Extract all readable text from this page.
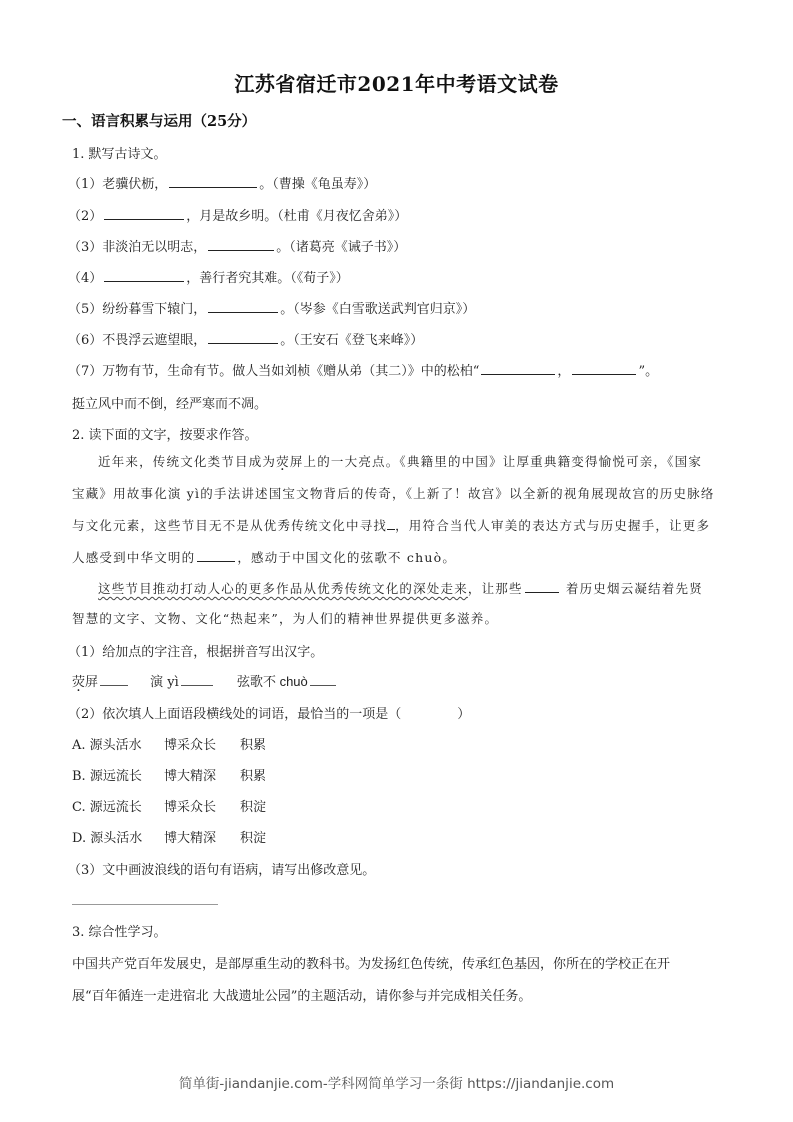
江苏省宿迁市2021年中考语文试卷
一、语言积累与运用（25分）
1. 默写古诗文。
（1）老骥伏枥，	。（曹操《龟虽寿》）
（2）	，月是故乡明。（杜甫《月夜忆舍弟》）
（3）非淡泊无以明志，	。（诸葛亮《诫子书》）
（4）	，善行者究其难。（《荀子》）
（5）纷纷暮雪下辕门，	。（岑参《白雪歌送武判官归京》）
（6）不畏浮云遮望眼，	。（王安石《登飞来峰》）
（7）万物有节，生命有节。做人当如刘桢《赠从弟（其二）》中的松柏“	，	”。
挺立风中而不倒，经严寒而不凋。
2. 读下面的文字，按要求作答。
近年来，传统文化类节目成为荧屏上的一大亮点。《典籍里的中国》让厚重典籍变得愉悦可亲，《国家
宝藏》用故事化演 yì的手法讲述国宝文物背后的传奇，《上新了！故宫》以全新的视角展现故宫的历史脉络
与文化元素，这些节目无不是从优秀传统文化中寻找 ，用符合当代人审美的表达方式与历史握手，让更多
人感受到中华文明的	，感动于中国文化的弦歌不 chuò。
这些节目推动打动人心的更多作品从优秀传统文化的深处走来，让那些	着历史烟云凝结着先贤
智慧的文字、文物、文化“热起来”，为人们的精神世界提供更多滋养。
（1）给加点的字注音，根据拼音写出汉字。
荧屏	演 yì	弦歌不 chuò
（2）依次填人上面语段横线处的词语，最恰当的一项是（	）
A. 源头活水 博采众长 积累
B. 源远流长 博大精深 积累
C. 源远流长 博采众长 积淀
D. 源头活水 博大精深 积淀
（3）文中画波浪线的语句有语病，请写出修改意见。
3. 综合性学习。
中国共产党百年发展史，是部厚重生动的教科书。为发扬红色传统，传承红色基因，你所在的学校正在开
展“百年循连一走进宿北 大战遗址公园”的主题活动，请你参与并完成相关任务。
简单街-jiandanjie.com-学科网简单学习一条街 https://jiandanjie.com
